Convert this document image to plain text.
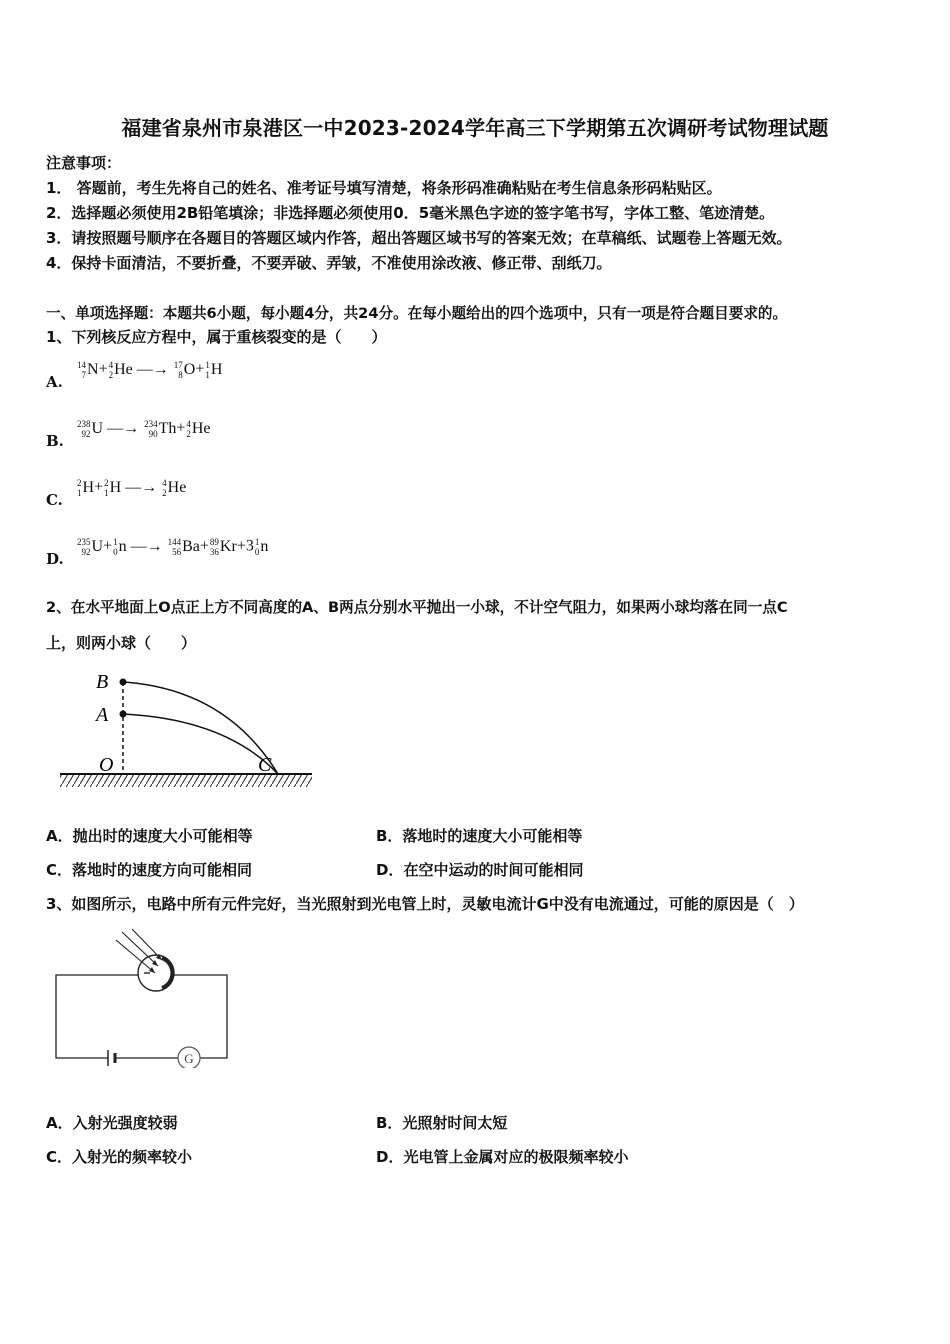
福建省泉州市泉港区一中2023-2024学年高三下学期第五次调研考试物理试题
注意事项：
1． 答题前，考生先将自己的姓名、准考证号填写清楚，将条形码准确粘贴在考生信息条形码粘贴区。
2．选择题必须使用2B铅笔填涂；非选择题必须使用0．5毫米黑色字迹的签字笔书写，字体工整、笔迹清楚。
3．请按照题号顺序在各题目的答题区域内作答，超出答题区域书写的答案无效；在草稿纸、试题卷上答题无效。
4．保持卡面清洁，不要折叠，不要弄破、弄皱，不准使用涂改液、修正带、刮纸刀。
一、单项选择题：本题共6小题，每小题4分，共24分。在每小题给出的四个选项中，只有一项是符合题目要求的。
1、下列核反应方程中，属于重核裂变的是（　　）
A.
14
7 N+ 4
2 He —→ 17
8 O+ 1
1 H
B.
238
92 U —→ 234
90 Th+ 4
2 He
C.
2
1 H+ 2
1 H —→ 4
2 He
D.
235
92 U+ 1
0 n —→ 144
56 Ba+ 89
36 Kr+3 1
0 n
2、在水平地面上O点正上方不同高度的A、B两点分别水平抛出一小球，不计空气阻力，如果两小球均落在同一点C
上，则两小球（　　）
B
A
O	C
A．抛出时的速度大小可能相等	B．落地时的速度大小可能相等
C．落地时的速度方向可能相同	D．在空中运动的时间可能相同
3、如图所示，电路中所有元件完好，当光照射到光电管上时，灵敏电流计G中没有电流通过，可能的原因是（　）
G
A．入射光强度较弱	B．光照射时间太短
C．入射光的频率较小	D．光电管上金属对应的极限频率较小
